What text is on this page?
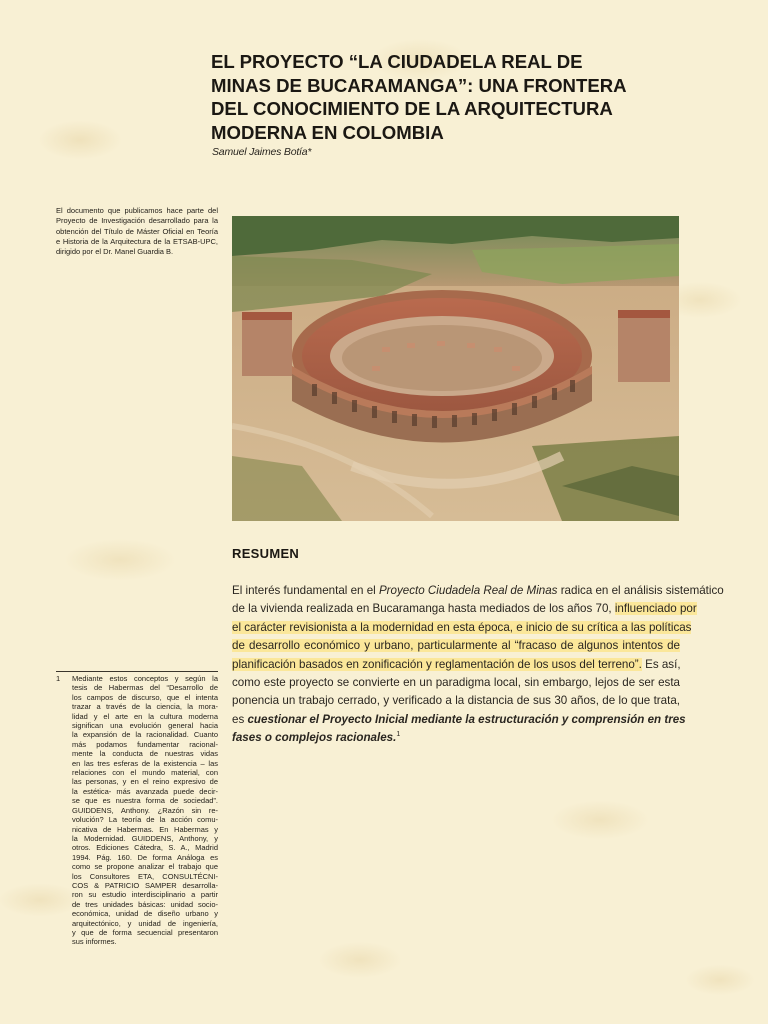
EL PROYECTO “LA CIUDADELA REAL DE
MINAS DE BUCARAMANGA”: UNA FRONTERA
DEL CONOCIMIENTO DE LA ARQUITECTURA
MODERNA EN COLOMBIA
Samuel Jaimes Botía*

El documento que publicamos hace parte del Proyecto de Investigación desarrollado para la obtención del Título de Máster Oficial en Teoría e Historia de la Arquitectura de la ETSAB-UPC, dirigido por el Dr. Manel Guardia B.

RESUMEN

El interés fundamental en el Proyecto Ciudadela Real de Minas radica en el análisis sistemático
de la vivienda realizada en Bucaramanga hasta mediados de los años 70, influenciado por
el carácter revisionista a la modernidad en esta época, e inicio de su crítica a las políticas
de desarrollo económico y urbano, particularmente al “fracaso de algunos intentos de
planificación basados en zonificación y reglamentación de los usos del terreno”. Es así,
como este proyecto se convierte en un paradigma local, sin embargo, lejos de ser esta
ponencia un trabajo cerrado, y verificado a la distancia de sus 30 años, de lo que trata,
es cuestionar el Proyecto Inicial mediante la estructuración y comprensión en tres
fases o complejos racionales.$^1$

1 Mediante estos conceptos y según la
tesis de Habermas del “Desarrollo de
los campos de discurso, que el intenta
trazar a través de la ciencia, la mora-
lidad y el arte en la cultura moderna
significan una evolución general hacia
la expansión de la racionalidad. Cuanto
más podamos fundamentar racional-
mente la conducta de nuestras vidas
en las tres esferas de la existencia – las
relaciones con el mundo material, con
las personas, y en el reino expresivo de
la estética- más avanzada puede decir-
se que es nuestra forma de sociedad”.
GUIDDENS, Anthony. ¿Razón sin re-
volución? La teoría de la acción comu-
nicativa de Habermas. En Habermas y
la Modernidad. GUIDDENS, Anthony, y
otros. Ediciones Cátedra, S. A., Madrid
1994. Pág. 160. De forma Análoga es
como se propone analizar el trabajo que
los Consultores ETA, CONSULTÉCNI-
COS & PATRICIO SAMPER desarrolla-
ron su estudio interdisciplinario a partir
de tres unidades básicas: unidad socio-
económica, unidad de diseño urbano y
arquitectónico, y unidad de ingeniería,
y que de forma secuencial presentaron
sus informes.
